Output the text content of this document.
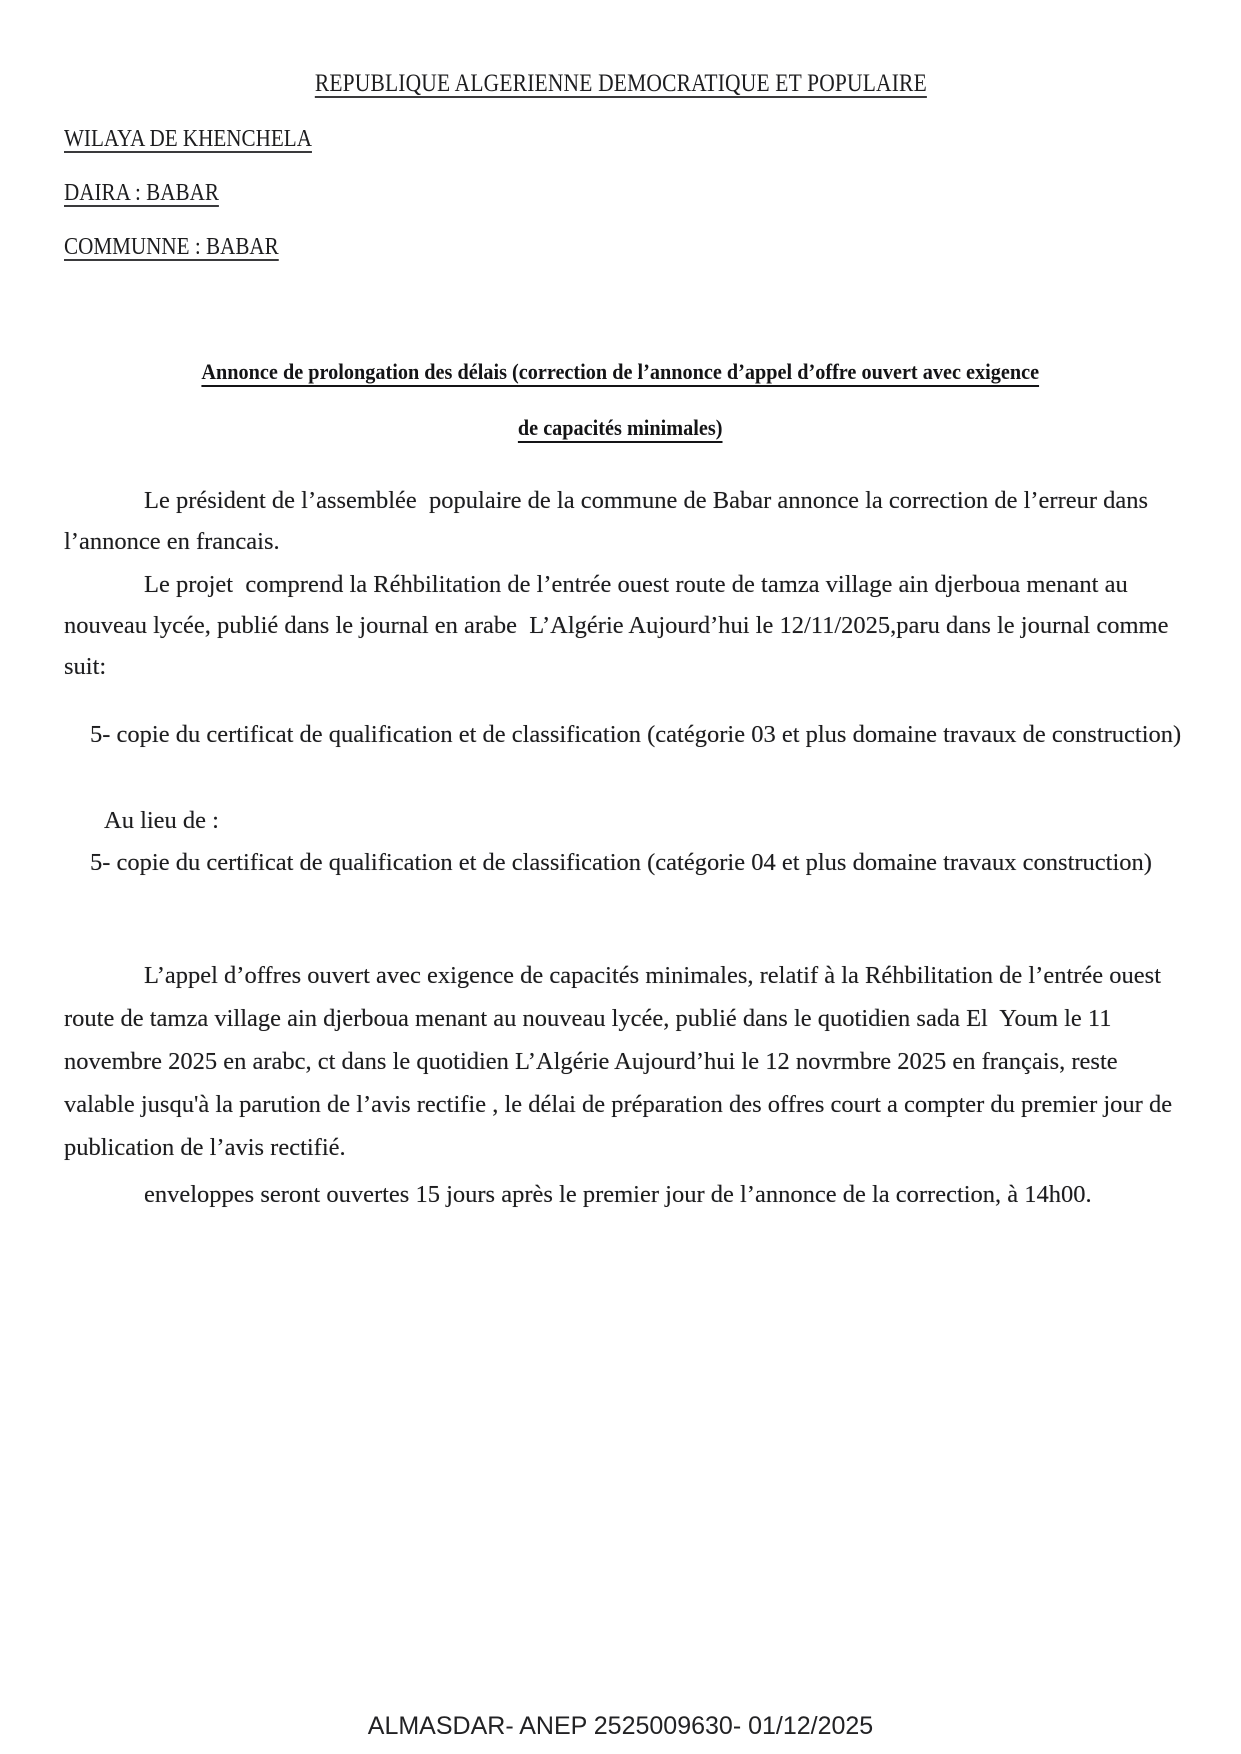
REPUBLIQUE ALGERIENNE DEMOCRATIQUE ET POPULAIRE
WILAYA DE KHENCHELA
DAIRA : BABAR
COMMUNNE : BABAR
Annonce de prolongation des délais (correction de l’annonce d’appel d’offre ouvert avec exigence
de capacités minimales)
Le président de l’assemblée  populaire de la commune de Babar annonce la correction de l’erreur dans l’annonce en francais.
Le projet  comprend la Réhbilitation de l’entrée ouest route de tamza village ain djerboua menant au nouveau lycée, publié dans le journal en arabe  L’Algérie Aujourd’hui le 12/11/2025,paru dans le journal comme suit:
5- copie du certificat de qualification et de classification (catégorie 03 et plus domaine travaux de construction)
Au lieu de :
5- copie du certificat de qualification et de classification (catégorie 04 et plus domaine travaux construction)
L’appel d’offres ouvert avec exigence de capacités minimales, relatif à la Réhbilitation de l’entrée ouest route de tamza village ain djerboua menant au nouveau lycée, publié dans le quotidien sada El  Youm le 11 novembre 2025 en arabc, ct dans le quotidien L’Algérie Aujourd’hui le 12 novrmbre 2025 en français, reste valable jusqu'à la parution de l’avis rectifie , le délai de préparation des offres court a compter du premier jour de publication de l’avis rectifié.
enveloppes seront ouvertes 15 jours après le premier jour de l’annonce de la correction, à 14h00.
ALMASDAR- ANEP 2525009630- 01/12/2025
